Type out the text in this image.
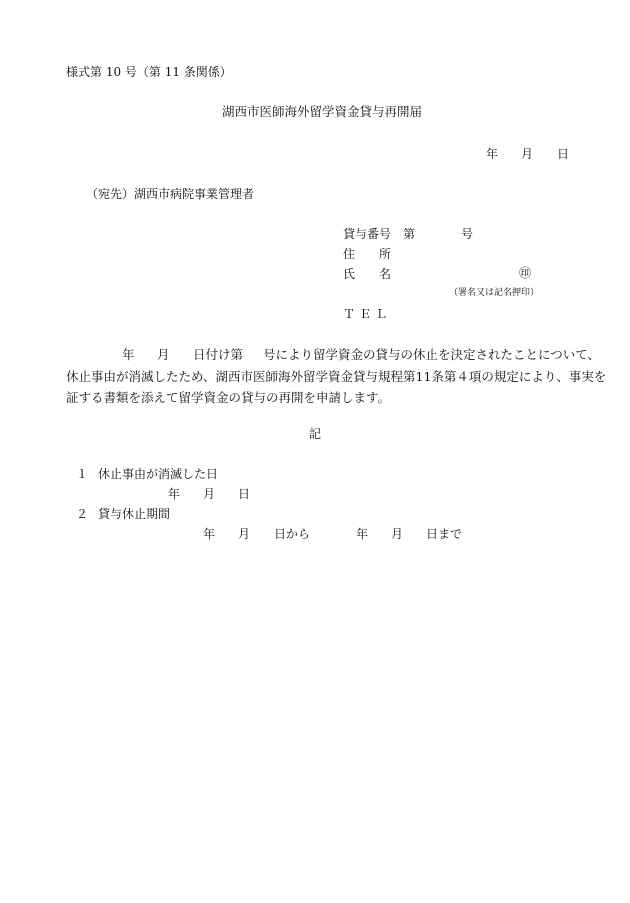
様式第 10 号（第 11 条関係）
湖西市医師海外留学資金貸与再開届
年 月 日
（宛先）湖西市病院事業管理者
貸与番号 第	号
住　　所
氏　　名	㊞
（署名又は記名押印）
ＴＥＬ
年 月 日付け第 号により留学資金の貸与の休止を決定されたことについて、
休止事由が消滅したため、湖西市医師海外留学資金貸与規程第11条第４項の規定により、事実を
証する書類を添えて留学資金の貸与の再開を申請します。
記
１ 休止事由が消滅した日
年 月 日
２ 貸与休止期間
年 月 日から	年 月 日まで
